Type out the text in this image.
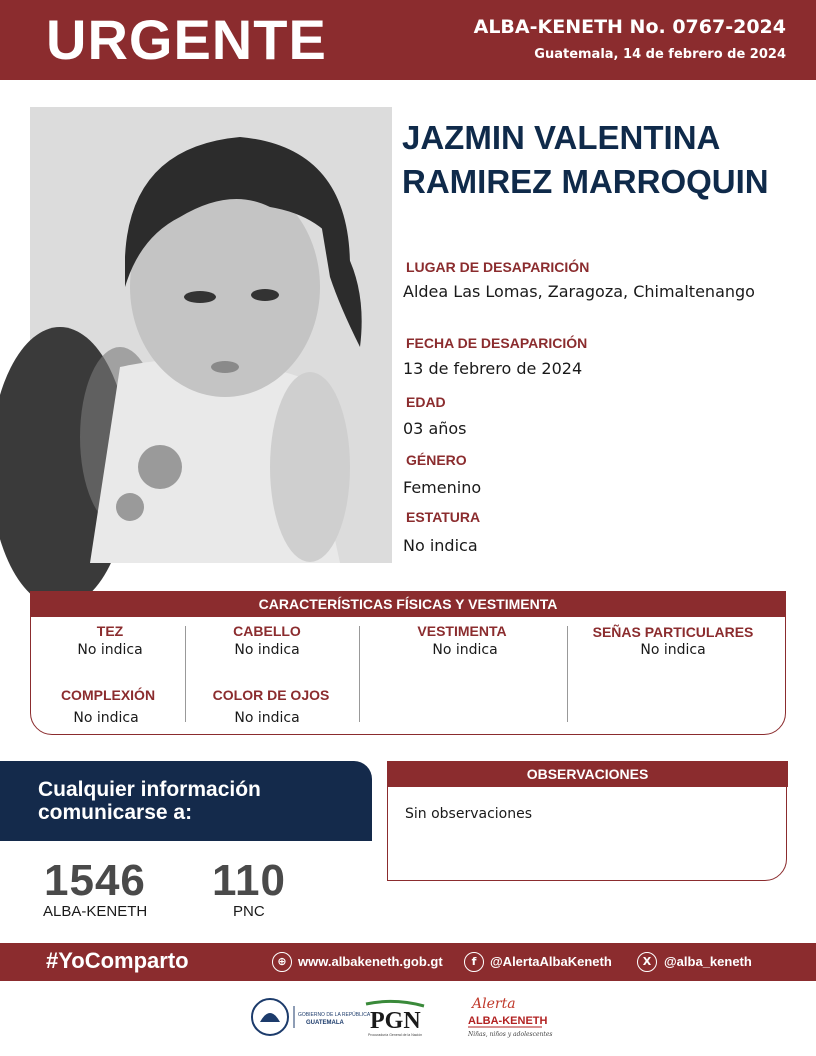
URGENTE	ALBA-KENETH No. 0767-2024
Guatemala, 14 de febrero de 2024
JAZMIN VALENTINA
RAMIREZ MARROQUIN
LUGAR DE DESAPARICIÓN
Aldea Las Lomas, Zaragoza, Chimaltenango
FECHA DE DESAPARICIÓN
13 de febrero de 2024
EDAD
03 años
GÉNERO
Femenino
ESTATURA
No indica
CARACTERÍSTICAS FÍSICAS Y VESTIMENTA
TEZ
No indica
CABELLO
No indica
VESTIMENTA
No indica
SEÑAS PARTICULARES
No indica
COMPLEXIÓN
No indica
COLOR DE OJOS
No indica
Cualquier información
comunicarse a:
1546
ALBA-KENETH
110
PNC
OBSERVACIONES
Sin observaciones
#YoComparto	⊕ www.albakeneth.gob.gt	f	@AlertaAlbaKeneth	X @alba_keneth
GOBIERNO DE LA REPÚBLICA
GUATEMALA PGN
Procuraduría General de la Nación
Alerta
ALBA-KENETH
Niñas, niños y adolescentes
